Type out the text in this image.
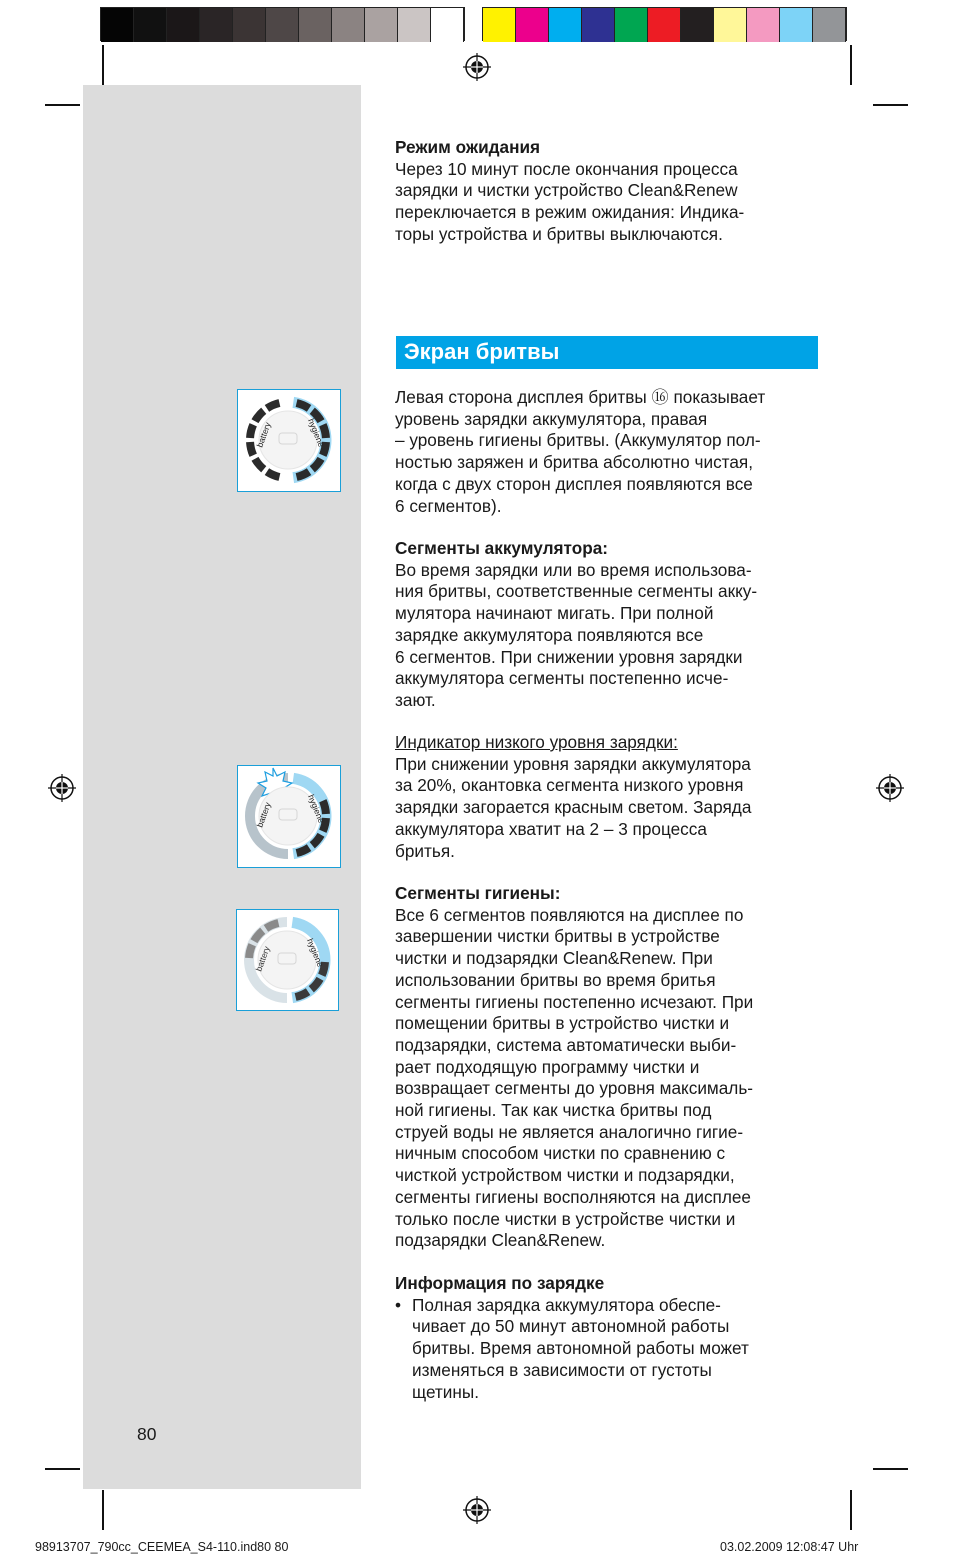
battery	hygiene
battery	hygiene
battery	hygiene

Режим ожидания

Через 10 минут после окончания процесса
зарядки и чистки устройство Clean&Renew
переключается в режим ожидания: Индика-
торы устройства и бритвы выключаются.

Экран бритвы

Левая сторона дисплея бритвы ⑯ показывает
уровень зарядки аккумулятора, правая
– уровень гигиены бритвы. (Аккумулятор пол-
ностью заряжен и бритва абсолютно чистая,
когда с двух сторон дисплея появляются все
6 сегментов).

Сегменты аккумулятора:

Во время зарядки или во время использова-
ния бритвы, соответственные сегменты акку-
мулятора начинают мигать. При полной
зарядке аккумулятора появляются все
6 сегментов. При снижении уровня зарядки
аккумулятора сегменты постепенно исче-
зают.

Индикатор низкого уровня зарядки:

При снижении уровня зарядки аккумулятора
за 20%, окантовка сегмента низкого уровня
зарядки загорается красным светом. Заряда
аккумулятора хватит на 2 – 3 процесса
бритья.

Сегменты гигиены:

Все 6 сегментов появляются на дисплее по
завершении чистки бритвы в устройстве
чистки и подзарядки Clean&Renew. При
использовании бритвы во время бритья
сегменты гигиены постепенно исчезают. При
помещении бритвы в устройство чистки и
подзарядки, система автоматически выби-
рает подходящую программу чистки и
возвращает сегменты до уровня максималь-
ной гигиены. Так как чистка бритвы под
струей воды не является аналогично гигие-
ничным способом чистки по сравнению с
чисткой устройством чистки и подзарядки,
сегменты гигиены восполняются на дисплее
только после чистки в устройстве чистки и
подзарядки Clean&Renew.

Информация по зарядке

• Полная зарядка аккумулятора обеспе-
чивает до 50 минут автономной работы
бритвы. Время автономной работы может
изменяться в зависимости от густоты
щетины.

80
98913707_790cc_CEEMEA_S4-110.ind80 80	03.02.2009 12:08:47 Uhr
